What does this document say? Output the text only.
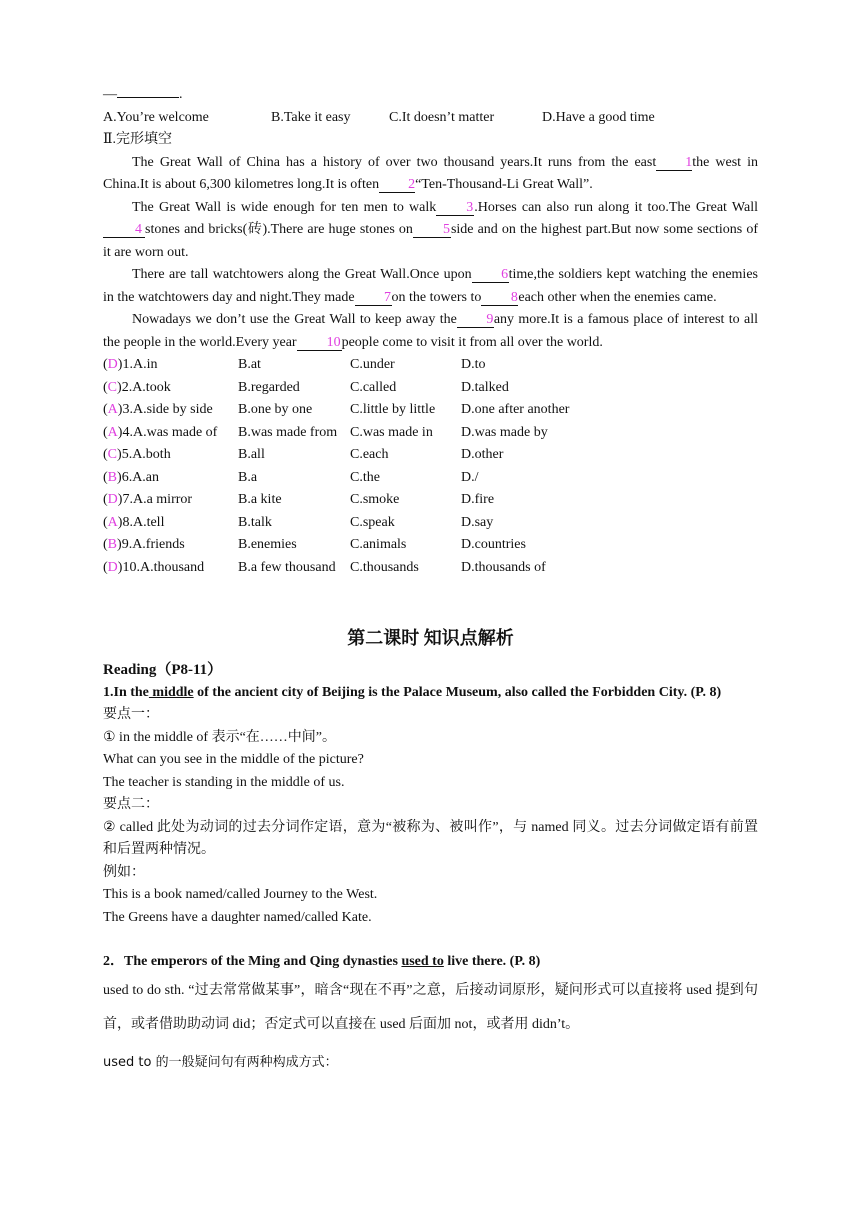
—	.
A.You’re welcome	B.Take it easy	C.It doesn’t matter	D.Have a good time
Ⅱ.完形填空
The Great Wall of China has a history of over two thousand years.It runs from the east 1the west in China.It is about 6,300 kilometres long.It is often 2“Ten-Thousand-Li Great Wall”.
The Great Wall is wide enough for ten men to walk 3.Horses can also run along it too.The Great Wall4 stones and bricks(砖).There are huge stones on 5side and on the highest part.But now some sections of it are worn out.
There are tall watchtowers along the Great Wall.Once upon 6time,the soldiers kept watching the enemies in the watchtowers day and night.They made 7on the towers to 8each other when the enemies came.
Nowadays we don’t use the Great Wall to keep away the 9any more.It is a famous place of interest to all the people in the world.Every year 10people come to visit it from all over the world.
(D)1.A.in	B.at	C.under	D.to
(C)2.A.took	B.regarded	C.called	D.talked
(A)3.A.side by side	B.one by one	C.little by little	D.one after another
(A)4.A.was made of	B.was made from C.was made in	D.was made by
(C)5.A.both	B.all	C.each	D.other
(B)6.A.an	B.a	C.the	D./
(D)7.A.a mirror	B.a kite	C.smoke	D.fire
(A)8.A.tell	B.talk	C.speak	D.say
(B)9.A.friends	B.enemies	C.animals	D.countries
(D)10.A.thousand	B.a few thousand	C.thousands	D.thousands of
第二课时 知识点解析
Reading（P8-11）
1.In the middle of the ancient city of Beijing is the Palace Museum, also called the Forbidden City. (P. 8)
要点一：
① in the middle of 表示“在……中间”。
What can you see in the middle of the picture?
The teacher is standing in the middle of us.
要点二：
② called 此处为动词的过去分词作定语，意为“被称为、被叫作”，与 named 同义。过去分词做定语有前置和后置两种情况。
例如：
This is a book named/called Journey to the West.
The Greens have a daughter named/called Kate.
2．The emperors of the Ming and Qing dynasties used to live there. (P. 8)
used to do sth. “过去常常做某事”，暗含“现在不再”之意，后接动词原形，疑问形式可以直接将 used 提到句首，或者借助助动词 did；否定式可以直接在 used 后面加 not，或者用 didn’t。
used to 的一般疑问句有两种构成方式：
